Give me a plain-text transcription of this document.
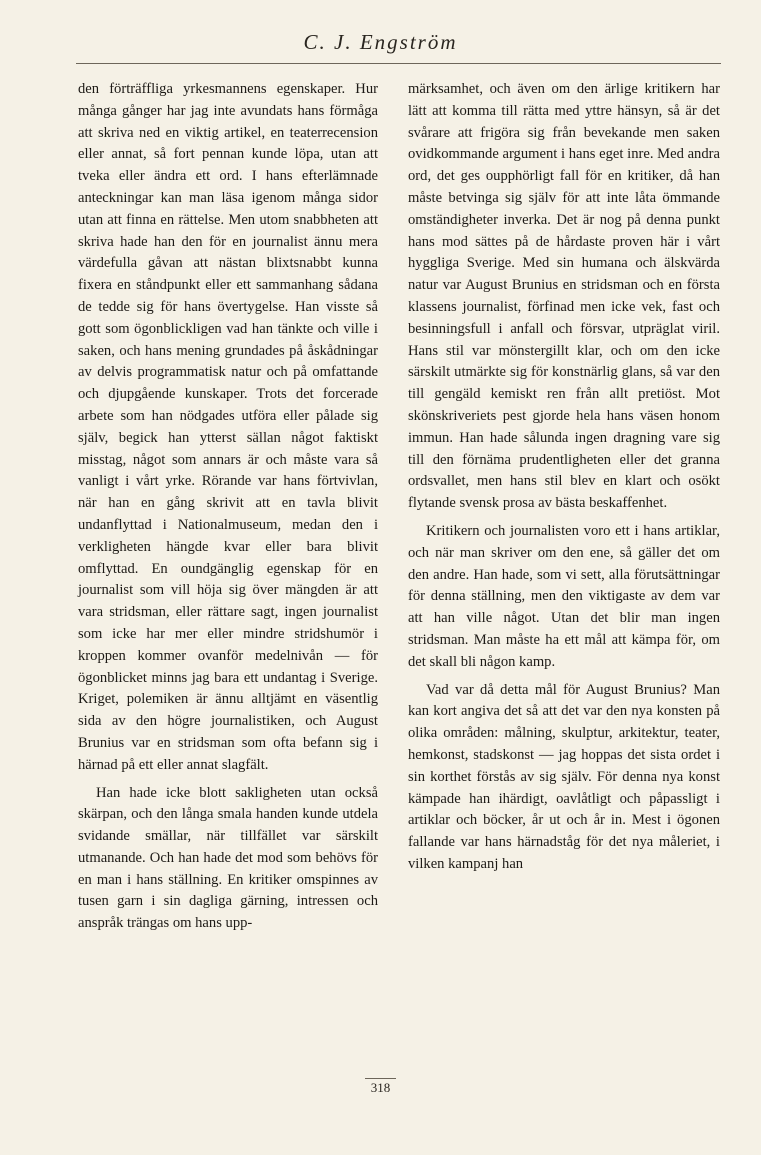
C. J. Engström

den förträffliga yrkesmannens egenskaper. Hur många gånger har jag inte avundats hans förmåga att skriva ned en viktig artikel, en teaterrecension eller annat, så fort pennan kunde löpa, utan att tveka eller ändra ett ord. I hans efterlämnade anteckningar kan man läsa igenom många sidor utan att finna en rättelse. Men utom snabbheten att skriva hade han den för en journalist ännu mera värdefulla gåvan att nästan blixtsnabbt kunna fixera en ståndpunkt eller ett sammanhang sådana de tedde sig för hans övertygelse. Han visste så gott som ögonblickligen vad han tänkte och ville i saken, och hans mening grundades på åskådningar av delvis programmatisk natur och på omfattande och djupgående kunskaper. Trots det forcerade arbete som han nödgades utföra eller pålade sig själv, begick han ytterst sällan något faktiskt misstag, något som annars är och måste vara så vanligt i vårt yrke. Rörande var hans förtvivlan, när han en gång skrivit att en tavla blivit undanflyttad i Nationalmuseum, medan den i verkligheten hängde kvar eller bara blivit omflyttad. En oundgänglig egenskap för en journalist som vill höja sig över mängden är att vara stridsman, eller rättare sagt, ingen journalist som icke har mer eller mindre stridshumör i kroppen kommer ovanför medelnivån — för ögonblicket minns jag bara ett undantag i Sverige. Kriget, polemiken är ännu alltjämt en väsentlig sida av den högre journalistiken, och August Brunius var en stridsman som ofta befann sig i härnad på ett eller annat slagfält.

Han hade icke blott sakligheten utan också skärpan, och den långa smala handen kunde utdela svidande smällar, när tillfället var särskilt utmanande. Och han hade det mod som behövs för en man i hans ställning. En kritiker omspinnes av tusen garn i sin dagliga gärning, intressen och anspråk trängas om hans upp-

märksamhet, och även om den ärlige kritikern har lätt att komma till rätta med yttre hänsyn, så är det svårare att frigöra sig från bevekande men saken ovidkommande argument i hans eget inre. Med andra ord, det ges oupphörligt fall för en kritiker, då han måste betvinga sig själv för att inte låta ömmande omständigheter inverka. Det är nog på denna punkt hans mod sättes på de hårdaste proven här i vårt hyggliga Sverige. Med sin humana och älskvärda natur var August Brunius en stridsman och en första klassens journalist, förfinad men icke vek, fast och besinningsfull i anfall och försvar, utpräglat viril. Hans stil var mönstergillt klar, och om den icke särskilt utmärkte sig för konstnärlig glans, så var den till gengäld kemiskt ren från allt pretiöst. Mot skönskriveriets pest gjorde hela hans väsen honom immun. Han hade sålunda ingen dragning vare sig till den förnäma prudentligheten eller det granna ordsvallet, men hans stil blev en klart och osökt flytande svensk prosa av bästa beskaffenhet.

Kritikern och journalisten voro ett i hans artiklar, och när man skriver om den ene, så gäller det om den andre. Han hade, som vi sett, alla förutsättningar för denna ställning, men den viktigaste av dem var att han ville något. Utan det blir man ingen stridsman. Man måste ha ett mål att kämpa för, om det skall bli någon kamp.

Vad var då detta mål för August Brunius? Man kan kort angiva det så att det var den nya konsten på olika områden: målning, skulptur, arkitektur, teater, hemkonst, stadskonst — jag hoppas det sista ordet i sin korthet förstås av sig själv. För denna nya konst kämpade han ihärdigt, oavlåtligt och påpassligt i artiklar och böcker, år ut och år in. Mest i ögonen fallande var hans härnadståg för det nya måleriet, i vilken kampanj han

318
